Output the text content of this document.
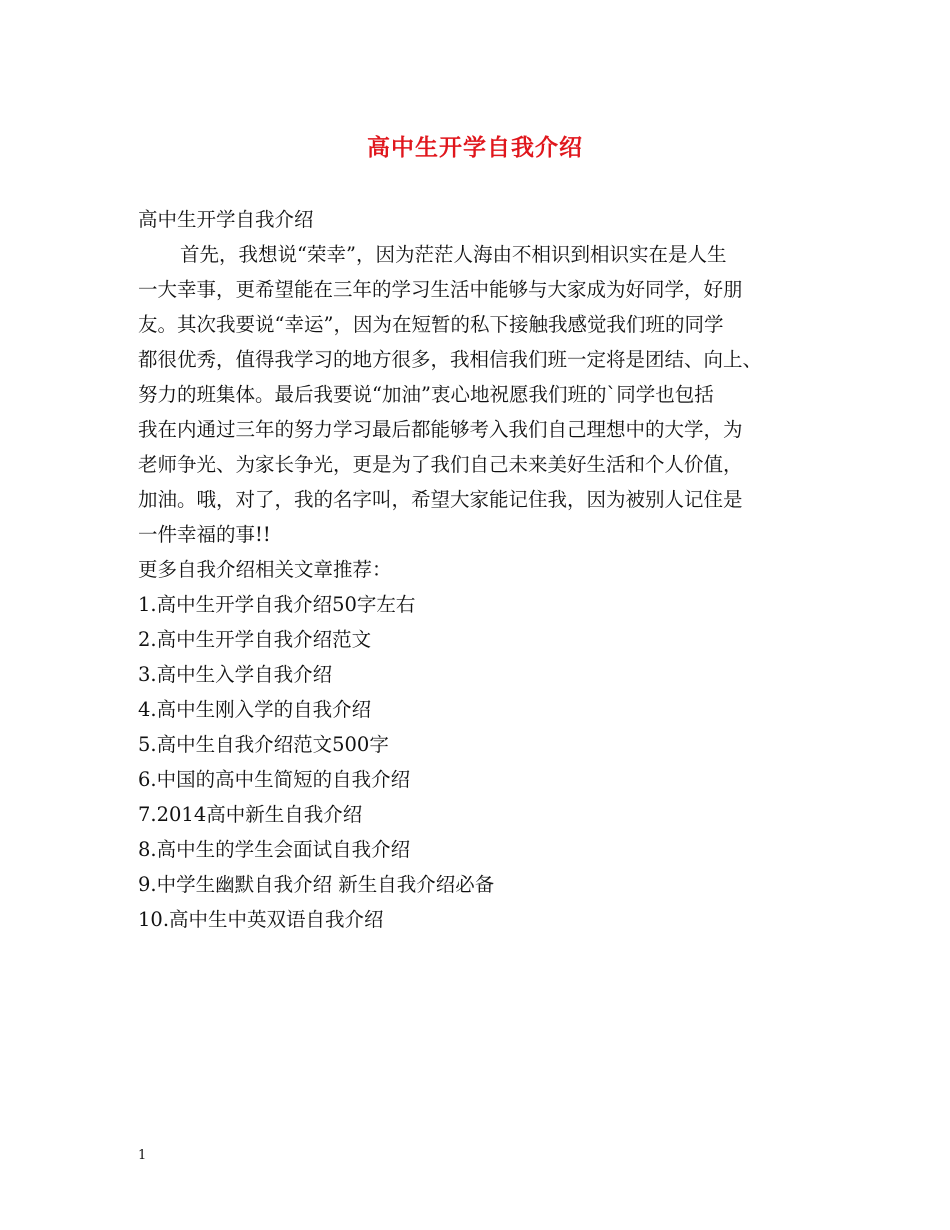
高中生开学自我介绍
高中生开学自我介绍
首先，我想说“荣幸”，因为茫茫人海由不相识到相识实在是人生
一大幸事，更希望能在三年的学习生活中能够与大家成为好同学，好朋
友。其次我要说“幸运”，因为在短暂的私下接触我感觉我们班的同学
都很优秀，值得我学习的地方很多，我相信我们班一定将是团结、向上、
努力的班集体。最后我要说“加油”衷心地祝愿我们班的`同学也包括
我在内通过三年的努力学习最后都能够考入我们自己理想中的大学，为
老师争光、为家长争光，更是为了我们自己未来美好生活和个人价值，
加油。哦，对了，我的名字叫，希望大家能记住我，因为被别人记住是
一件幸福的事!!
更多自我介绍相关文章推荐：
1.高中生开学自我介绍50字左右
2.高中生开学自我介绍范文
3.高中生入学自我介绍
4.高中生刚入学的自我介绍
5.高中生自我介绍范文500字
6.中国的高中生简短的自我介绍
7.2014高中新生自我介绍
8.高中生的学生会面试自我介绍
9.中学生幽默自我介绍 新生自我介绍必备
10.高中生中英双语自我介绍
1
